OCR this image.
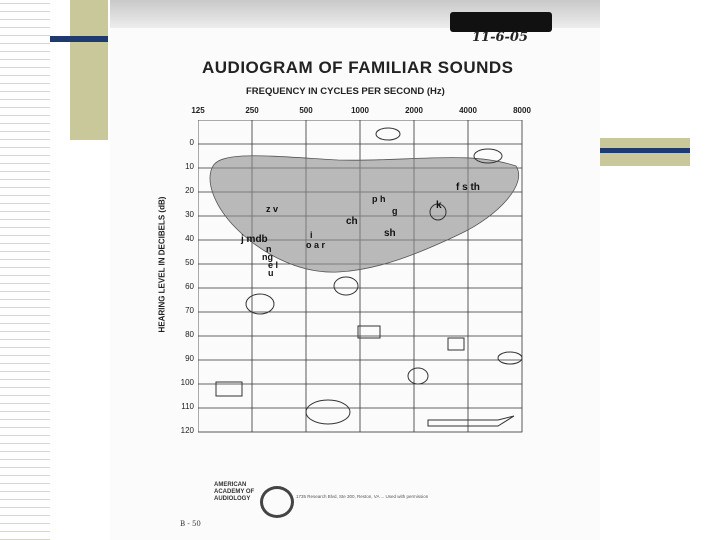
11-6-05
AUDIOGRAM OF FAMILIAR SOUNDS
FREQUENCY IN CYCLES PER SECOND (Hz)
HEARING LEVEL IN DECIBELS (dB)
125	250	500	1000	2000	4000	8000
0
10
20
30
40
50
60
70
80
90
100
110
120
z v
j mdb
n
ng
e l
u
i
o a r
ch
sh
p h
g	k
f s th
AMERICAN ACADEMY OF AUDIOLOGY	1735 Research Blvd, Ste 300, Reston, VA ... Used with permission
B - 50
